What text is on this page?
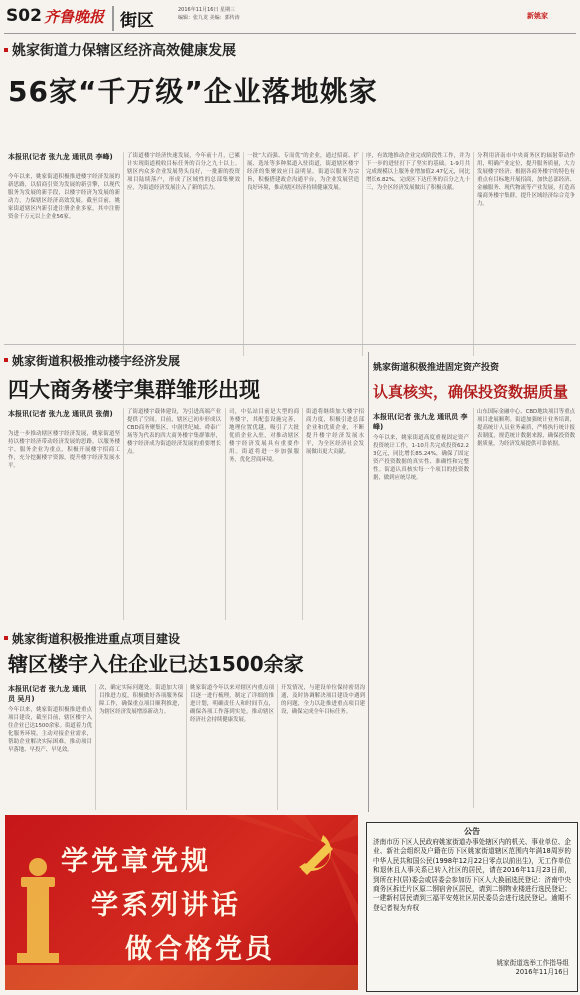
S02 齐鲁晚报 街区
2016年11月16日 星期三
编辑：张九龙 美编：郭传涛	新姚家
姚家街道力保辖区经济高效健康发展
56家“千万级”企业落地姚家
本报讯(记者 张九龙 通讯员 李峰)
今年以来，姚家街道积极推进楼宇经济发展的新思路，以招商引资为发展的新引擎，以现代服务为发展的新手段，以楼宇经济为发展的新动力，力保辖区经济高效发展。截至目前，姚家街道辖区内新引进注册企业多家，其中注册资金千万元以上企业56家。
了街道楼宇经济快速发展，今年前十月，已累计实现街道税收目标任务的百分之九十以上。辖区内众多企业发展势头良好，一批新的投资项目陆续落户，形成了区域性的总部集聚效应，为街道经济发展注入了新的活力。
一批“大而强、专而优”的企业，通过招商、扩展、选址等多种渠道入驻街道，街道辖区楼宇经济的集聚效应日益明显。街道以服务为宗旨，积极搭建政企沟通平台，为企业发展营造良好环境，推动辖区经济持续健康发展。
序，有效地推动企业完成阶段性工作，并为下一步的进驻打下了坚实的基础。1-9月共完成规模以上服务业增加值2.47亿元，同比增长6.82%，完成区下达任务的百分之九十三，为全区经济发展做出了积极贡献。
分利用济南市中央商务区的辐射带动作用，明确产业定位，提升服务质量，大力发展楼宇经济；根据各商务楼宇的特色有重点有目标地开展招商，加快总部经济、金融服务、现代物流等产业发展，打造高端商务楼宇集群，提升区域经济综合竞争力。
姚家街道积极推动楼宇经济发展
四大商务楼宇集群雏形出现
本报讯(记者 张九龙 通讯员 张倩)
为进一步推动辖区楼宇经济发展，姚家街道坚持以楼宇经济带动经济发展的思路，以服务楼宇、服务企业为重点，积极开展楼宇招商工作，充分挖掘楼宇资源，提升楼宇经济发展水平。
了街道楼宇载体建设，为引进高端产业提供了空间。目前，辖区已初步形成以CBD商务聚集区、中润世纪城、舜泰广场等为代表的四大商务楼宇集群雏形，楼宇经济成为街道经济发展的重要增长点。
司，中弘站目前是大型的商务楼宇，其配套设施完善，地理位置优越，吸引了大批优质企业入驻，对推动辖区楼宇经济发展具有重要作用。街道将进一步加强服务，优化营商环境。
街道将继续加大楼宇招商力度，积极引进总部企业和优质企业，不断提升楼宇经济发展水平，为全区经济社会发展做出更大贡献。
姚家街道积极推进固定资产投资
认真核实，确保投资数据质量
本报讯(记者 张九龙 通讯员 李峰)
今年以来，姚家街道高度重视固定资产投资统计工作，1-10月共完成投资62.23亿元，同比增长85.24%，确保了固定资产投资数据的真实性、准确性和完整性。街道认真核实每一个项目的投资数据，做到应统尽统。
山东国际金融中心、CBD地块项目等重点项目进展顺利。街道加强统计业务培训，提高统计人员业务素质，严格执行统计报表制度，规范统计数据来源，确保投资数据质量，为经济发展提供可靠依据。
姚家街道积极推进重点项目建设
辖区楼宇入住企业已达1500余家
本报讯(记者 张九龙 通讯员 吴月)
今年以来，姚家街道积极推进重点项目建设，截至目前，辖区楼宇入住企业已达1500余家。街道着力优化服务环境，主动对接企业需求，帮助企业解决实际困难，推动项目早落地、早投产、早见效。
次，确定实际问题处。街道加大项目推进力度，积极做好各项服务保障工作，确保重点项目顺利推进，为辖区经济发展增添新动力。
姚家街道今年以来对辖区内重点项目逐一进行梳理，制定了详细的推进计划，明确责任人和时间节点，确保各项工作落到实处，推动辖区经济社会持续健康发展。
开发情况，与建设单位保持密切沟通，及时协调解决项目建设中遇到的问题，全力以赴推进重点项目建设，确保完成全年目标任务。
学党章党规
学系列讲话
做合格党员
公告
济南市历下区人民政府姚家街道办事处辖区内的机关、事业单位、企业、新社会组织及户籍在历下区姚家街道辖区范围内年满18周岁的中华人民共和国公民(1998年12月22日零点以前出生)，无工作单位和退休且人事关系已转入社区的居民，请在2016年11月23日前，到所在村(居)委会或居委会参加历下区人大换届选民登记：济南中央商务区拆迁片区原二钢宿舍区居民，请到二钢物业楼进行选民登记；一建新村居民请到三福平安苑社区居民委员会进行选民登记。逾期不登记者视为弃权
姚家街道选举工作指导组
2016年11月16日
